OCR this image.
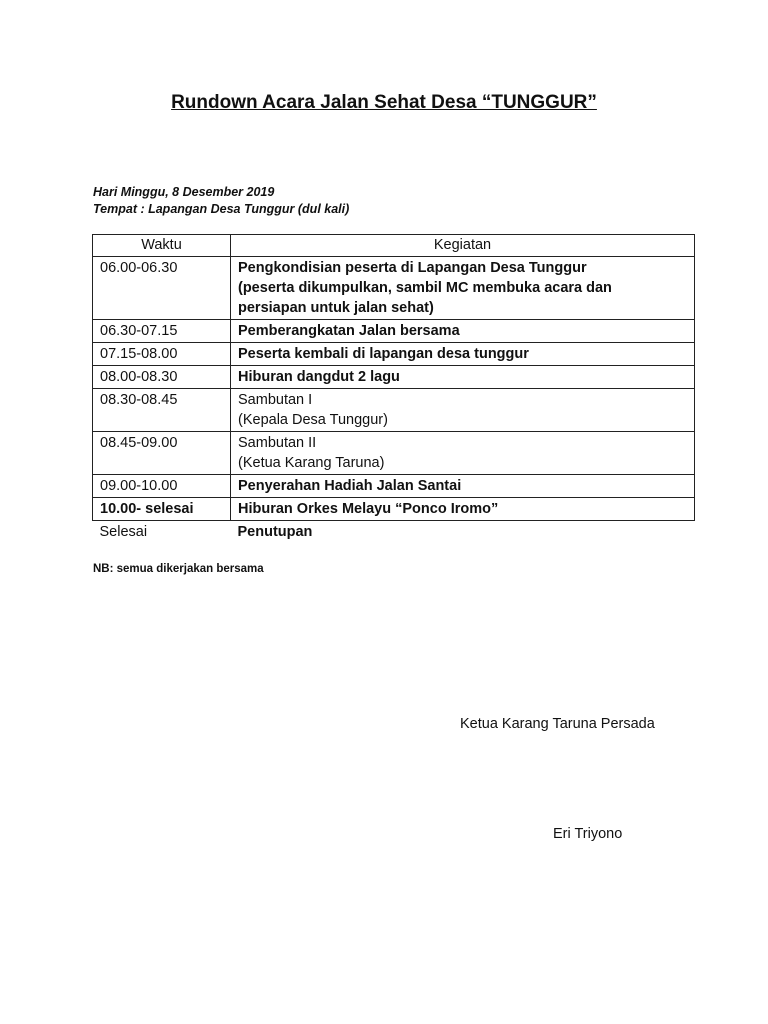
Rundown Acara Jalan Sehat Desa “TUNGGUR”
Hari Minggu, 8 Desember 2019
Tempat : Lapangan Desa Tunggur (dul kali)
Waktu	Kegiatan
06.00-06.30	Pengkondisian peserta di Lapangan Desa Tunggur
(peserta dikumpulkan, sambil MC membuka acara dan
persiapan untuk jalan sehat)

06.30-07.15	Pemberangkatan Jalan bersama

07.15-08.00	Peserta kembali di lapangan desa tunggur

08.00-08.30	Hiburan dangdut 2 lagu

08.30-08.45	Sambutan I
(Kepala Desa Tunggur)

08.45-09.00	Sambutan II
(Ketua Karang Taruna)

09.00-10.00	Penyerahan Hadiah Jalan Santai

10.00- selesai	Hiburan Orkes Melayu “Ponco Iromo”

Selesai	Penutupan
NB: semua dikerjakan bersama
Ketua Karang Taruna Persada
Eri Triyono
